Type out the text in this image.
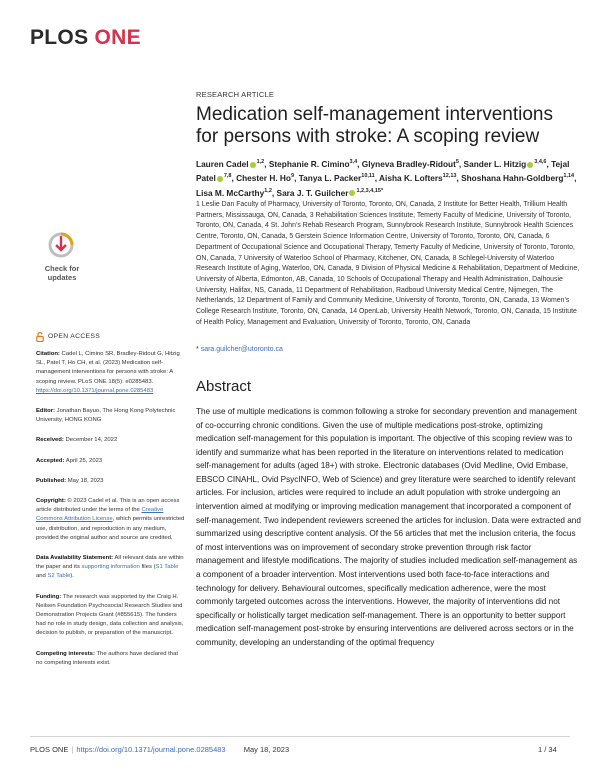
PLOS ONE
RESEARCH ARTICLE
Medication self-management interventions for persons with stroke: A scoping review
Lauren Cadel $^{1,2}$, Stephanie R. Cimino$^{3,4}$, Glyneva Bradley-Ridout$^5$, Sander L. Hitzig $^{3,4,6}$, Tejal Patel $^{7,8}$, Chester H. Ho$^9$, Tanya L. Packer$^{10,11}$, Aisha K. Lofters$^{12,13}$, Shoshana Hahn-Goldberg$^{1,14}$, Lisa M. McCarthy$^{1,2}$, Sara J. T. Guilcher $^{1,2,3,4,15*}$
1 Leslie Dan Faculty of Pharmacy, University of Toronto, Toronto, ON, Canada, 2 Institute for Better Health, Trillium Health Partners, Mississauga, ON, Canada, 3 Rehabilitation Sciences Institute, Temerty Faculty of Medicine, University of Toronto, Toronto, ON, Canada, 4 St. John’s Rehab Research Program, Sunnybrook Research Institute, Sunnybrook Health Sciences Centre, Toronto, ON, Canada, 5 Gerstein Science Information Centre, University of Toronto, Toronto, ON, Canada, 6 Department of Occupational Science and Occupational Therapy, Temerty Faculty of Medicine, University of Toronto, Toronto, ON, Canada, 7 University of Waterloo School of Pharmacy, Kitchener, ON, Canada, 8 Schlegel-University of Waterloo Research Institute of Aging, Waterloo, ON, Canada, 9 Division of Physical Medicine & Rehabilitation, Department of Medicine, University of Alberta, Edmonton, AB, Canada, 10 Schools of Occupational Therapy and Health Administration, Dalhousie University, Halifax, NS, Canada, 11 Department of Rehabilitation, Radboud University Medical Centre, Nijmegen, The Netherlands, 12 Department of Family and Community Medicine, University of Toronto, Toronto, ON, Canada, 13 Women’s College Research Institute, Toronto, ON, Canada, 14 OpenLab, University Health Network, Toronto, ON, Canada, 15 Institute of Health Policy, Management and Evaluation, University of Toronto, Toronto, ON, Canada
* sara.guilcher@utoronto.ca
Abstract

The use of multiple medications is common following a stroke for secondary prevention and management of co-occurring chronic conditions. Given the use of multiple medications post-stroke, optimizing medication self-management for this population is important. The objective of this scoping review was to identify and summarize what has been reported in the literature on interventions related to medication self-management for adults (aged 18+) with stroke. Electronic databases (Ovid Medline, Ovid Embase, EBSCO CINAHL, Ovid PsycINFO, Web of Science) and grey literature were searched to identify relevant articles. For inclusion, articles were required to include an adult population with stroke undergoing an intervention aimed at modifying or improving medication management that incorporated a component of self-management. Two independent reviewers screened the articles for inclusion. Data were extracted and summarized using descriptive content analysis. Of the 56 articles that met the inclusion criteria, the focus of most interventions was on improvement of secondary stroke prevention through risk factor management and lifestyle modifications. The majority of studies included medication self-management as a component of a broader intervention. Most interventions used both face-to-face interactions and technology for delivery. Behavioural outcomes, specifically medication adherence, were the most commonly targeted outcomes across the interventions. However, the majority of interventions did not specifically or holistically target medication self-management. There is an opportunity to better support medication self-management post-stroke by ensuring interventions are delivered across sectors or in the community, developing an understanding of the optimal frequency

Check for
updates
OPEN ACCESS
Citation: Cadel L, Cimino SR, Bradley-Ridout G, Hitzig SL, Patel T, Ho CH, et al. (2023) Medication self-management interventions for persons with stroke: A scoping review. PLoS ONE 18(5): e0285483. https://doi.org/10.1371/journal.pone.0285483
Editor: Jonathan Bayuo, The Hong Kong Polytechnic University, HONG KONG
Received: December 14, 2022
Accepted: April 25, 2023
Published: May 18, 2023
Copyright: © 2023 Cadel et al. This is an open access article distributed under the terms of the Creative Commons Attribution License, which permits unrestricted use, distribution, and reproduction in any medium, provided the original author and source are credited.
Data Availability Statement: All relevant data are within the paper and its supporting information files (S1 Table and S2 Table).
Funding: The research was supported by the Craig H. Neilsen Foundation Psychosocial Research Studies and Demonstration Projects Grant (#855615). The funders had no role in study design, data collection and analysis, decision to publish, or preparation of the manuscript.
Competing interests: The authors have declared that no competing interests exist.
PLOS ONE | https://doi.org/10.1371/journal.pone.0285483 May 18, 2023	1 / 34
